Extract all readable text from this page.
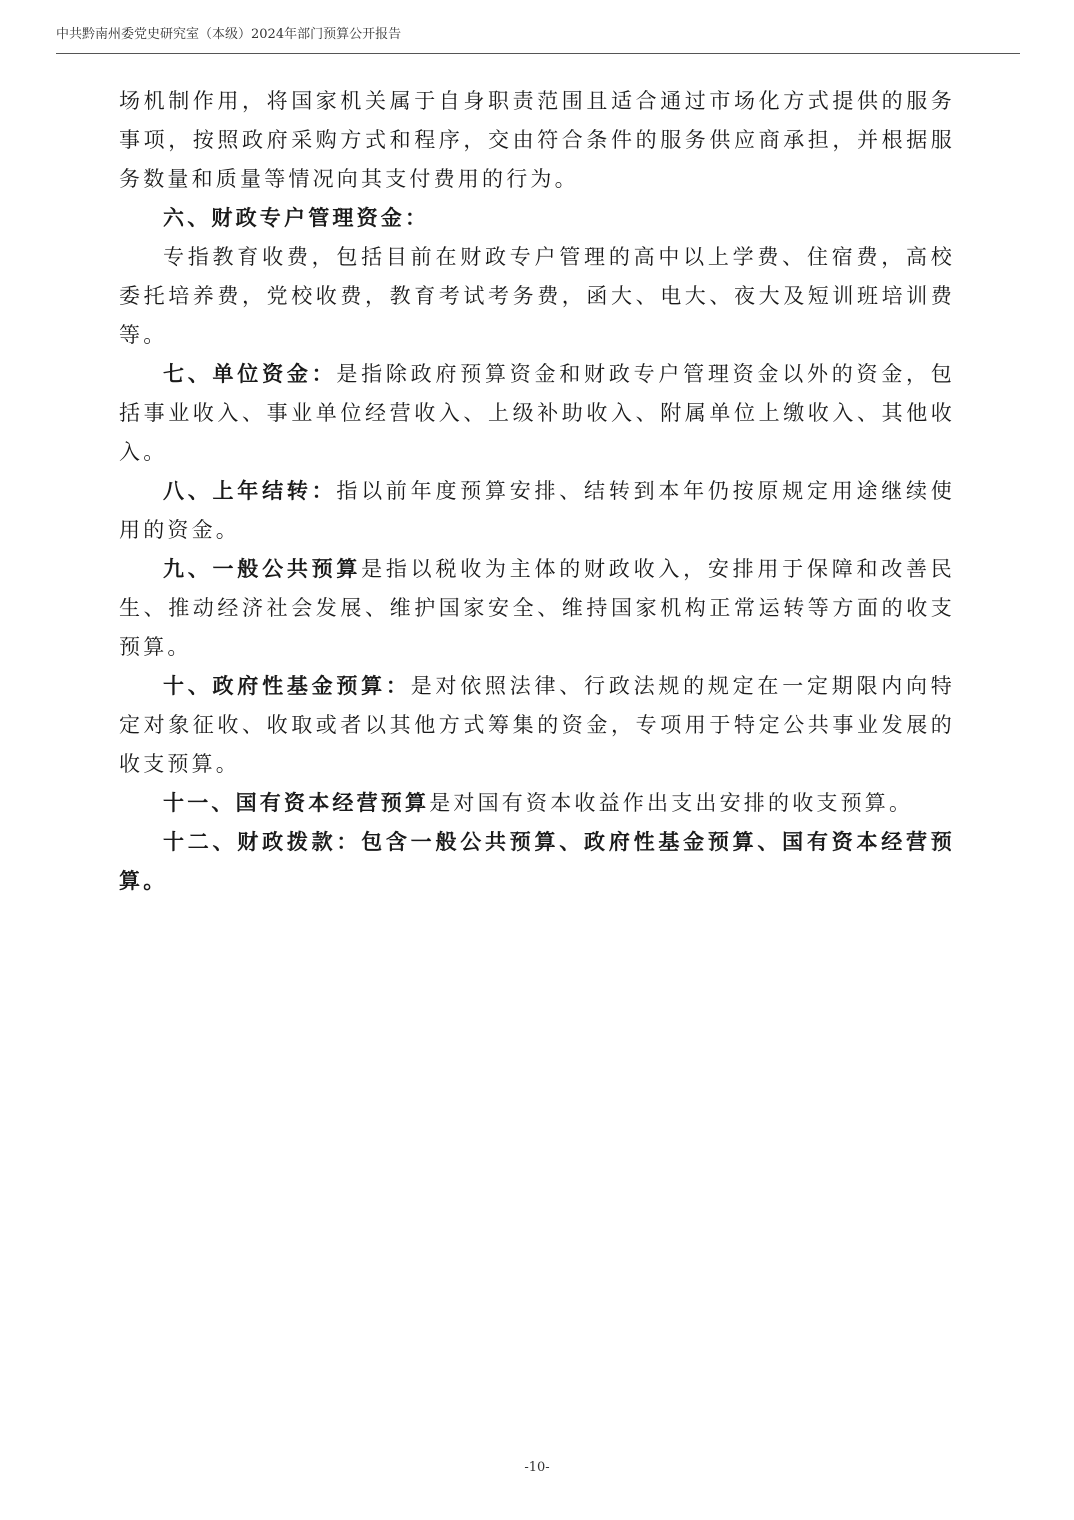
中共黔南州委党史研究室（本级）2024年部门预算公开报告

场机制作用，将国家机关属于自身职责范围且适合通过市场化方式提供的服务事项，按照政府采购方式和程序，交由符合条件的服务供应商承担，并根据服务数量和质量等情况向其支付费用的行为。

六、财政专户管理资金：

专指教育收费，包括目前在财政专户管理的高中以上学费、住宿费，高校委托培养费，党校收费，教育考试考务费，函大、电大、夜大及短训班培训费等。

七、单位资金：是指除政府预算资金和财政专户管理资金以外的资金，包括事业收入、事业单位经营收入、上级补助收入、附属单位上缴收入、其他收入。

八、上年结转：指以前年度预算安排、结转到本年仍按原规定用途继续使用的资金。

九、一般公共预算是指以税收为主体的财政收入，安排用于保障和改善民生、推动经济社会发展、维护国家安全、维持国家机构正常运转等方面的收支预算。

十、政府性基金预算：是对依照法律、行政法规的规定在一定期限内向特定对象征收、收取或者以其他方式筹集的资金，专项用于特定公共事业发展的收支预算。

十一、国有资本经营预算是对国有资本收益作出支出安排的收支预算。

十二、财政拨款：包含一般公共预算、政府性基金预算、国有资本经营预算。

-10-
